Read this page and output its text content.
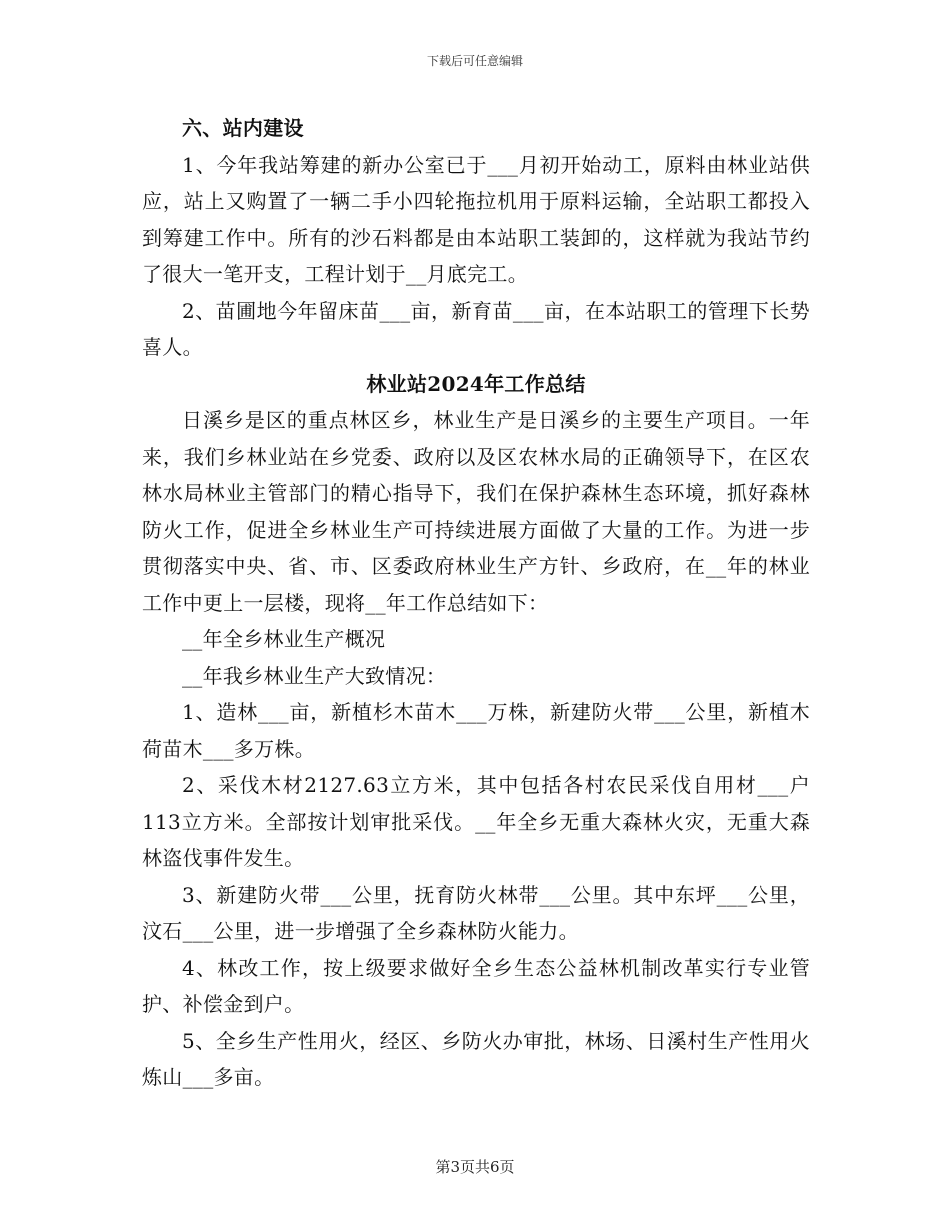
下载后可任意编辑

六、站内建设

1、今年我站筹建的新办公室已于___月初开始动工，原料由林业站供应，站上又购置了一辆二手小四轮拖拉机用于原料运输，全站职工都投入到筹建工作中。所有的沙石料都是由本站职工装卸的，这样就为我站节约了很大一笔开支，工程计划于__月底完工。

2、苗圃地今年留床苗___亩，新育苗___亩，在本站职工的管理下长势喜人。

林业站2024年工作总结

日溪乡是区的重点林区乡，林业生产是日溪乡的主要生产项目。一年来，我们乡林业站在乡党委、政府以及区农林水局的正确领导下，在区农林水局林业主管部门的精心指导下，我们在保护森林生态环境，抓好森林防火工作，促进全乡林业生产可持续进展方面做了大量的工作。为进一步贯彻落实中央、省、市、区委政府林业生产方针、乡政府，在__年的林业工作中更上一层楼，现将__年工作总结如下：

__年全乡林业生产概况

__年我乡林业生产大致情况：

1、造林___亩，新植杉木苗木___万株，新建防火带___公里，新植木荷苗木___多万株。

2、采伐木材2127.63立方米，其中包括各村农民采伐自用材___户113立方米。全部按计划审批采伐。__年全乡无重大森林火灾，无重大森林盗伐事件发生。

3、新建防火带___公里，抚育防火林带___公里。其中东坪___公里，汶石___公里，进一步增强了全乡森林防火能力。

4、林改工作，按上级要求做好全乡生态公益林机制改革实行专业管护、补偿金到户。

5、全乡生产性用火，经区、乡防火办审批，林场、日溪村生产性用火炼山___多亩。

第3页共6页
